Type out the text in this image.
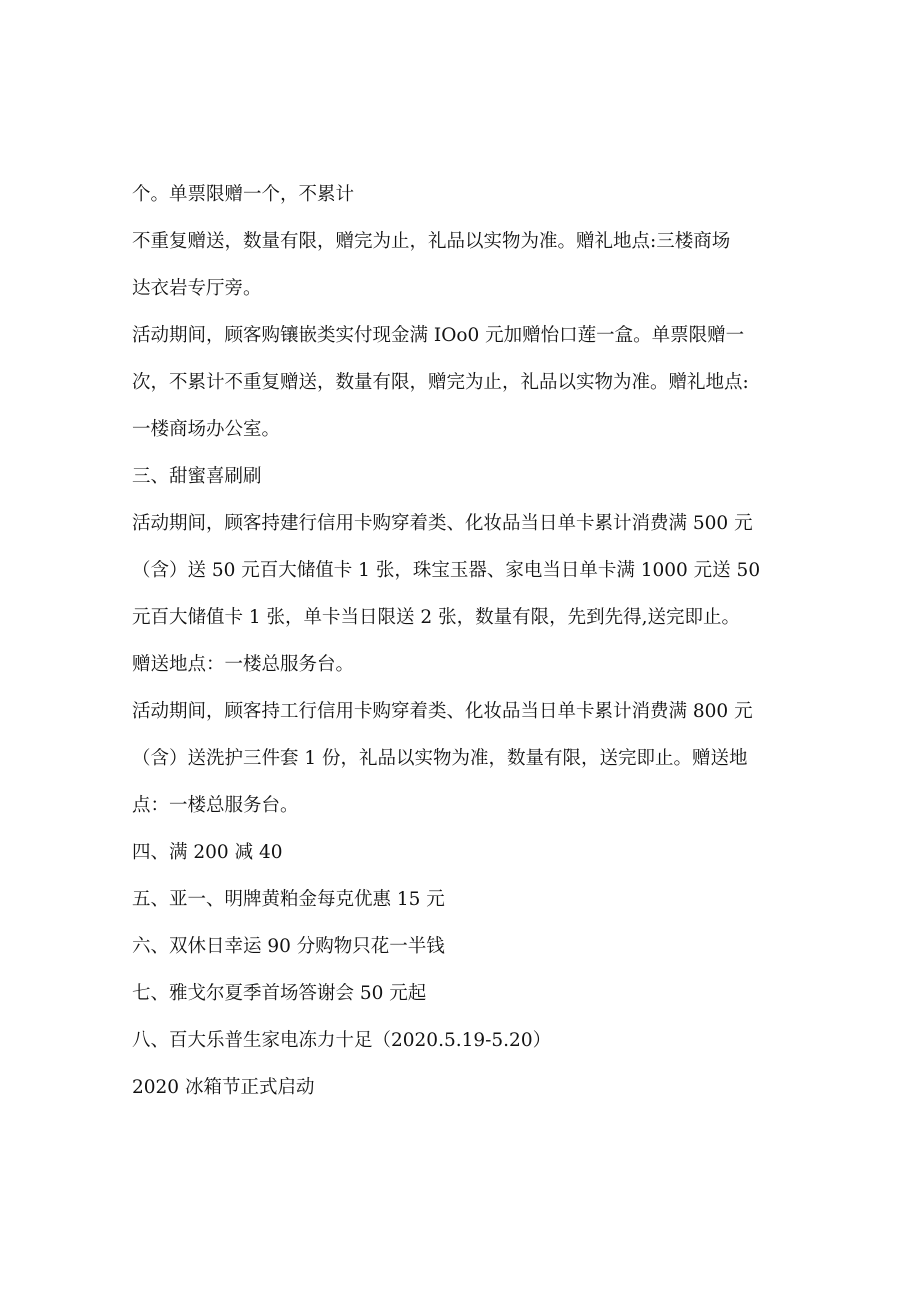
个。单票限赠一个，不累计
不重复赠送，数量有限，赠完为止，礼品以实物为准。赠礼地点:三楼商场
达衣岩专厅旁。
活动期间，顾客购镶嵌类实付现金满 IOo0 元加赠怡口莲一盒。单票限赠一
次，不累计不重复赠送，数量有限，赠完为止，礼品以实物为准。赠礼地点:
一楼商场办公室。
三、甜蜜喜刷刷
活动期间，顾客持建行信用卡购穿着类、化妆品当日单卡累计消费满 500 元
（含）送 50 元百大储值卡 1 张，珠宝玉器、家电当日单卡满 1000 元送 50
元百大储值卡 1 张，单卡当日限送 2 张，数量有限，先到先得,送完即止。
赠送地点：一楼总服务台。
活动期间，顾客持工行信用卡购穿着类、化妆品当日单卡累计消费满 800 元
（含）送洗护三件套 1 份，礼品以实物为准，数量有限，送完即止。赠送地
点：一楼总服务台。
四、满 200 减 40
五、亚一、明牌黄粕金每克优惠 15 元
六、双休日幸运 90 分购物只花一半钱
七、雅戈尔夏季首场答谢会 50 元起
八、百大乐普生家电冻力十足（2020.5.19-5.20）
2020 冰箱节正式启动
